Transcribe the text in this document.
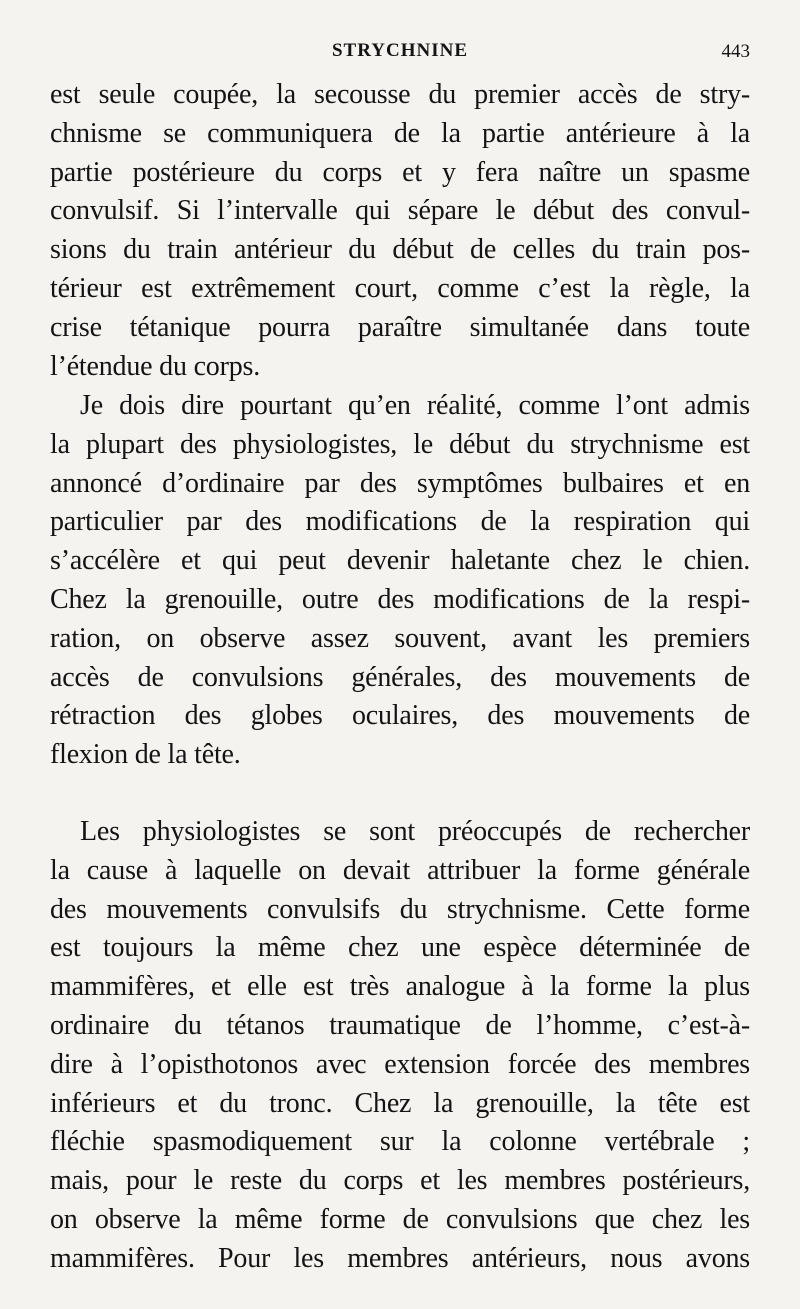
STRYCHNINE	443
est seule coupée, la secousse du premier accès de stry-
chnisme se communiquera de la partie antérieure à la
partie postérieure du corps et y fera naître un spasme
convulsif. Si l’intervalle qui sépare le début des convul-
sions du train antérieur du début de celles du train pos-
térieur est extrêmement court, comme c’est la règle, la
crise tétanique pourra paraître simultanée dans toute
l’étendue du corps.
Je dois dire pourtant qu’en réalité, comme l’ont admis
la plupart des physiologistes, le début du strychnisme est
annoncé d’ordinaire par des symptômes bulbaires et en
particulier par des modifications de la respiration qui
s’accélère et qui peut devenir haletante chez le chien.
Chez la grenouille, outre des modifications de la respi-
ration, on observe assez souvent, avant les premiers
accès de convulsions générales, des mouvements de
rétraction des globes oculaires, des mouvements de
flexion de la tête.
Les physiologistes se sont préoccupés de rechercher
la cause à laquelle on devait attribuer la forme générale
des mouvements convulsifs du strychnisme. Cette forme
est toujours la même chez une espèce déterminée de
mammifères, et elle est très analogue à la forme la plus
ordinaire du tétanos traumatique de l’homme, c’est-à-
dire à l’opisthotonos avec extension forcée des membres
inférieurs et du tronc. Chez la grenouille, la tête est
fléchie spasmodiquement sur la colonne vertébrale ;
mais, pour le reste du corps et les membres postérieurs,
on observe la même forme de convulsions que chez les
mammifères. Pour les membres antérieurs, nous avons
